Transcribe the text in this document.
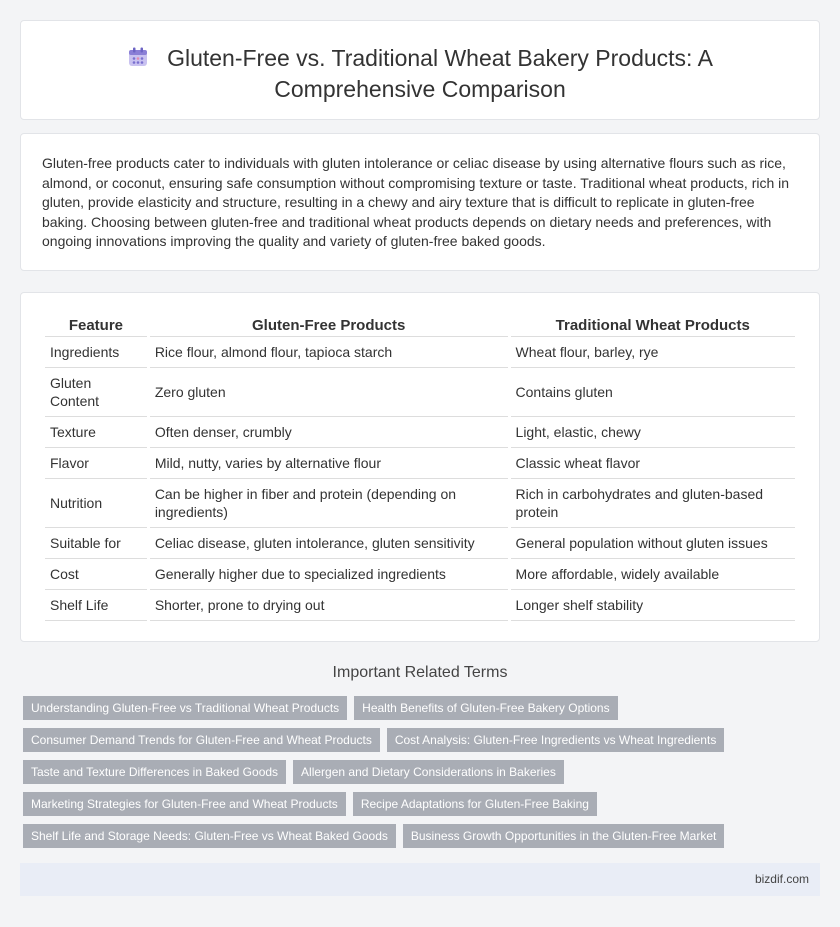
Gluten-Free vs. Traditional Wheat Bakery Products: A
Comprehensive Comparison

Gluten-free products cater to individuals with gluten intolerance or celiac disease by using alternative flours such as rice, almond, or coconut, ensuring safe consumption without compromising texture or taste. Traditional wheat products, rich in gluten, provide elasticity and structure, resulting in a chewy and airy texture that is difficult to replicate in gluten-free baking. Choosing between gluten-free and traditional wheat products depends on dietary needs and preferences, with ongoing innovations improving the quality and variety of gluten-free baked goods.

Feature	Gluten-Free Products	Traditional Wheat Products
Ingredients	Rice flour, almond flour, tapioca starch	Wheat flour, barley, rye
Gluten Content	Zero gluten	Contains gluten
Texture	Often denser, crumbly	Light, elastic, chewy
Flavor	Mild, nutty, varies by alternative flour	Classic wheat flavor
Nutrition	Can be higher in fiber and protein (depending on ingredients)	Rich in carbohydrates and gluten-based protein
Suitable for	Celiac disease, gluten intolerance, gluten sensitivity	General population without gluten issues
Cost	Generally higher due to specialized ingredients	More affordable, widely available
Shelf Life	Shorter, prone to drying out	Longer shelf stability
Important Related Terms
Understanding Gluten-Free vs Traditional Wheat Products	Health Benefits of Gluten-Free Bakery Options
Consumer Demand Trends for Gluten-Free and Wheat Products	Cost Analysis: Gluten-Free Ingredients vs Wheat Ingredients
Taste and Texture Differences in Baked Goods	Allergen and Dietary Considerations in Bakeries
Marketing Strategies for Gluten-Free and Wheat Products	Recipe Adaptations for Gluten-Free Baking
Shelf Life and Storage Needs: Gluten-Free vs Wheat Baked Goods	Business Growth Opportunities in the Gluten-Free Market
bizdif.com
